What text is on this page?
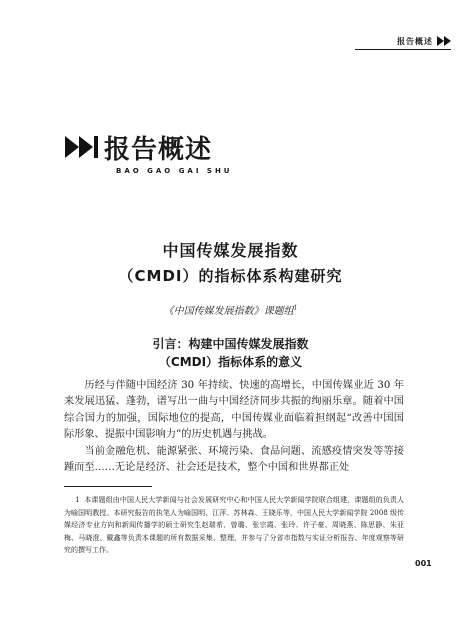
报告概述
报告概述
BAO GAO GAI SHU
中国传媒发展指数
（CMDI）的指标体系构建研究
《中国传媒发展指数》课题组$^1$
引言：构建中国传媒发展指数
（CMDI）指标体系的意义

历经与伴随中国经济 30 年持续、快速的高增长，中国传媒业近 30 年来发展迅猛、蓬勃，谱写出一曲与中国经济同步共振的绚丽乐章。随着中国综合国力的加强，国际地位的提高，中国传媒业面临着担纲起“改善中国国际形象、提振中国影响力”的历史机遇与挑战。

当前金融危机、能源紧张、环境污染、食品问题、流感疫情突发等等接踵而至……无论是经济、社会还是技术，整个中国和世界都正处

1 本课题组由中国人民大学新闻与社会发展研究中心和中国人民大学新闻学院联合组建，课题组的负责人为喻国明教授。本研究报告的执笔人为喻国明、江萍、苏林森、王晓乐等，中国人民大学新闻学院 2008 级传媒经济专业方向和新闻传播学的硕士研究生赵瑞希、曾璐、张宗霞、张玲、许子豪、周晓燕、陈思静、朱亚梅、马晓澄、戴鑫等负责本课题的所有数据采集、整理，并参与了分省市指数与实证分析报告、年度观察等研究的撰写工作。

001
